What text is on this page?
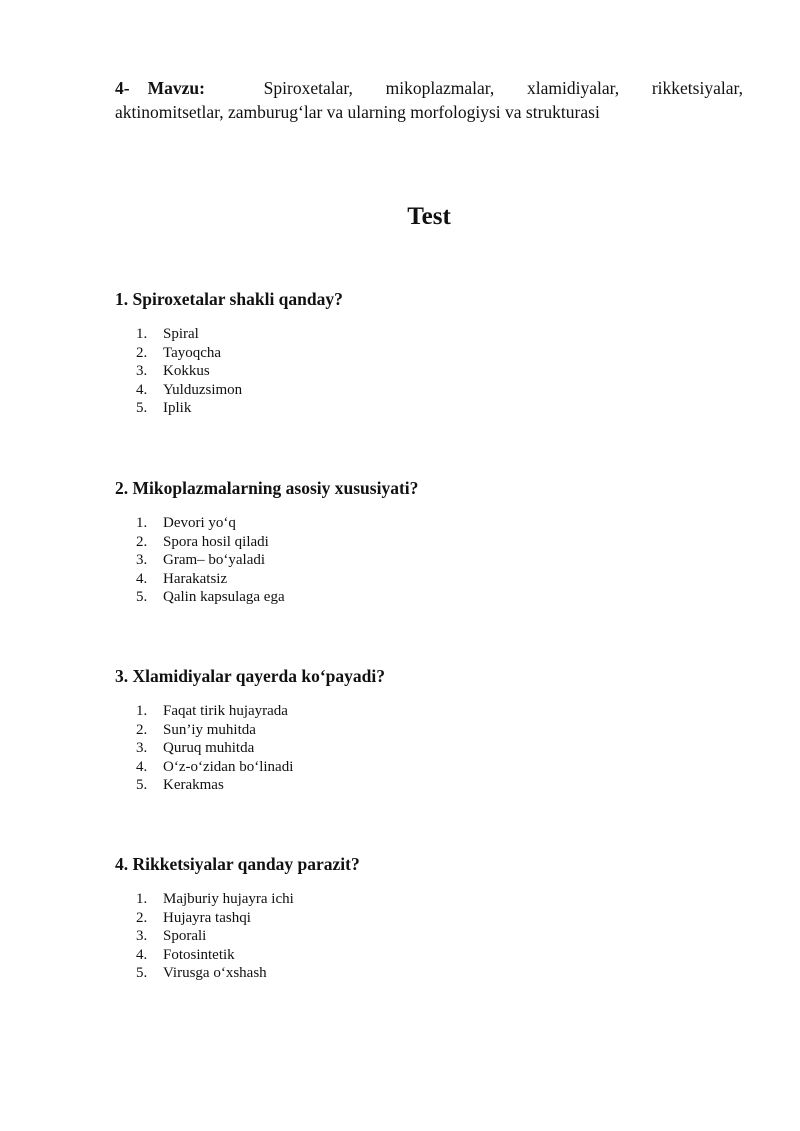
4- Mavzu:	Spiroxetalar, mikoplazmalar, xlamidiyalar, rikketsiyalar,
aktinomitsetlar, zamburug‘lar va ularning morfologiysi va strukturasi
Test

1. Spiroxetalar shakli qanday?

1.	Spiral
2.	Tayoqcha
3.	Kokkus
4.	Yulduzsimon
5.	Iplik

2. Mikoplazmalarning asosiy xususiyati?

1.	Devori yo‘q
2.	Spora hosil qiladi
3.	Gram– bo‘yaladi
4.	Harakatsiz
5.	Qalin kapsulaga ega

3. Xlamidiyalar qayerda ko‘payadi?

1.	Faqat tirik hujayrada
2.	Sun’iy muhitda
3.	Quruq muhitda
4.	O‘z-o‘zidan bo‘linadi
5.	Kerakmas

4. Rikketsiyalar qanday parazit?

1.	Majburiy hujayra ichi
2.	Hujayra tashqi
3.	Sporali
4.	Fotosintetik
5.	Virusga o‘xshash
